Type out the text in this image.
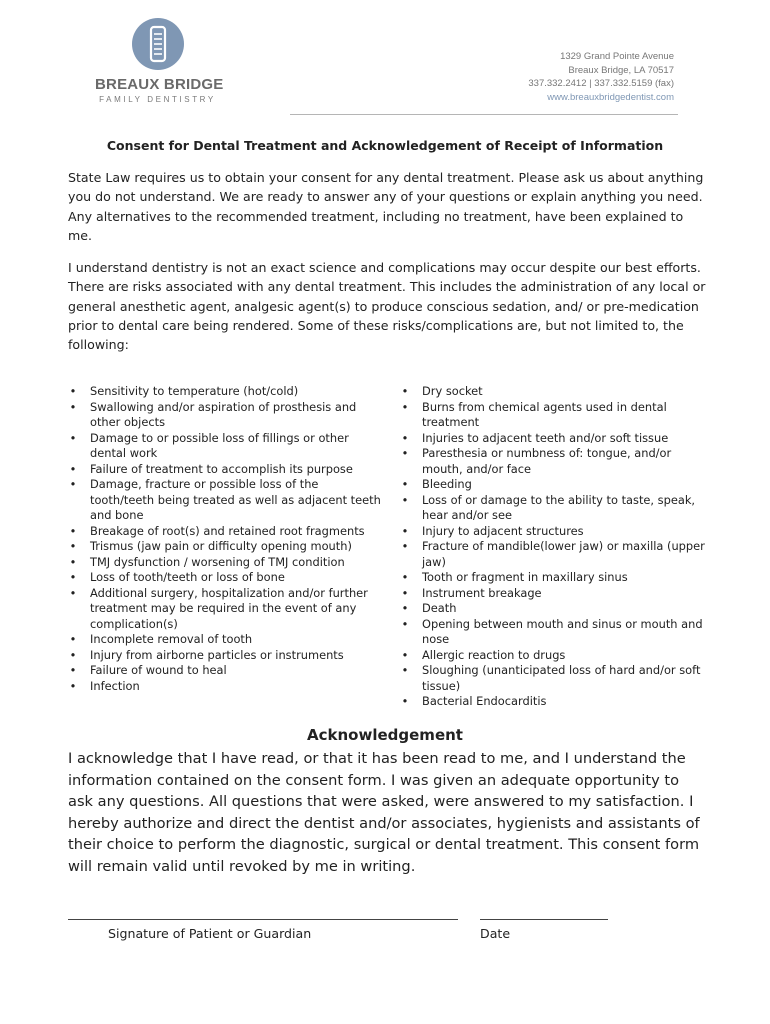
BREAUX BRIDGE
FAMILY DENTISTRY
1329 Grand Pointe Avenue
Breaux Bridge, LA 70517
337.332.2412 | 337.332.5159 (fax)
www.breauxbridgedentist.com
Consent for Dental Treatment and Acknowledgement of Receipt of Information
State Law requires us to obtain your consent for any dental treatment. Please ask us about anything you do not understand. We are ready to answer any of your questions or explain anything you need. Any alternatives to the recommended treatment, including no treatment, have been explained to me.
I understand dentistry is not an exact science and complications may occur despite our best efforts. There are risks associated with any dental treatment. This includes the administration of any local or general anesthetic agent, analgesic agent(s) to produce conscious sedation, and/ or pre-medication prior to dental care being rendered. Some of these risks/complications are, but not limited to, the following:
• Sensitivity to temperature (hot/cold)
• Swallowing and/or aspiration of prosthesis and other objects
• Damage to or possible loss of fillings or other dental work
• Failure of treatment to accomplish its purpose
• Damage, fracture or possible loss of the tooth/teeth being treated as well as adjacent teeth and bone
• Breakage of root(s) and retained root fragments
• Trismus (jaw pain or difficulty opening mouth)
• TMJ dysfunction / worsening of TMJ condition
• Loss of tooth/teeth or loss of bone
• Additional surgery, hospitalization and/or further treatment may be required in the event of any complication(s)
• Incomplete removal of tooth
• Injury from airborne particles or instruments
• Failure of wound to heal
• Infection
• Dry socket
• Burns from chemical agents used in dental treatment
• Injuries to adjacent teeth and/or soft tissue
• Paresthesia or numbness of: tongue, and/or mouth, and/or face
• Bleeding
• Loss of or damage to the ability to taste, speak, hear and/or see
• Injury to adjacent structures
• Fracture of mandible(lower jaw) or maxilla (upper jaw)
• Tooth or fragment in maxillary sinus
• Instrument breakage
• Death
• Opening between mouth and sinus or mouth and nose
• Allergic reaction to drugs
• Sloughing (unanticipated loss of hard and/or soft tissue)
• Bacterial Endocarditis
Acknowledgement
I acknowledge that I have read, or that it has been read to me, and I understand the information contained on the consent form. I was given an adequate opportunity to ask any questions. All questions that were asked, were answered to my satisfaction. I hereby authorize and direct the dentist and/or associates, hygienists and assistants of their choice to perform the diagnostic, surgical or dental treatment. This consent form will remain valid until revoked by me in writing.
Signature of Patient or Guardian	Date
